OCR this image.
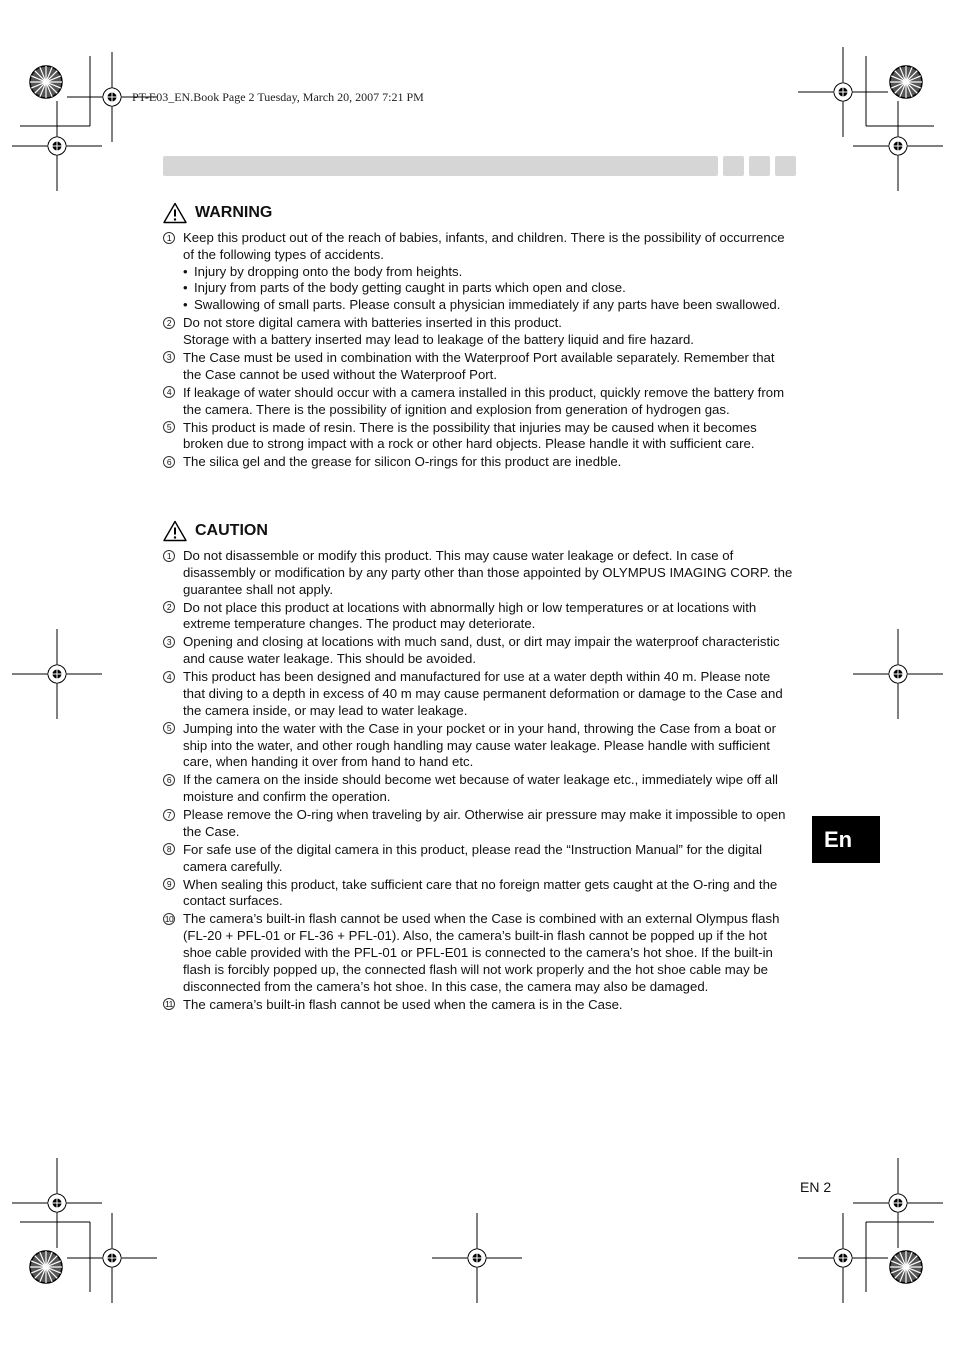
PT-E03_EN.Book Page 2 Tuesday, March 20, 2007 7:21 PM
WARNING
1 Keep this product out of the reach of babies, infants, and children. There is the possibility of occurrence of the following types of accidents.
• Injury by dropping onto the body from heights.
• Injury from parts of the body getting caught in parts which open and close.
• Swallowing of small parts. Please consult a physician immediately if any parts have been swallowed.
2 Do not store digital camera with batteries inserted in this product.
Storage with a battery inserted may lead to leakage of the battery liquid and fire hazard.
3 The Case must be used in combination with the Waterproof Port available separately. Remember that the Case cannot be used without the Waterproof Port.
4 If leakage of water should occur with a camera installed in this product, quickly remove the battery from the camera. There is the possibility of ignition and explosion from generation of hydrogen gas.
5 This product is made of resin. There is the possibility that injuries may be caused when it becomes broken due to strong impact with a rock or other hard objects. Please handle it with sufficient care.
6 The silica gel and the grease for silicon O-rings for this product are inedble.
CAUTION
1 Do not disassemble or modify this product. This may cause water leakage or defect. In case of disassembly or modification by any party other than those appointed by OLYMPUS IMAGING CORP. the guarantee shall not apply.
2 Do not place this product at locations with abnormally high or low temperatures or at locations with extreme temperature changes. The product may deteriorate.
3 Opening and closing at locations with much sand, dust, or dirt may impair the waterproof characteristic and cause water leakage. This should be avoided.
4 This product has been designed and manufactured for use at a water depth within 40 m. Please note that diving to a depth in excess of 40 m may cause permanent deformation or damage to the Case and the camera inside, or may lead to water leakage.
5 Jumping into the water with the Case in your pocket or in your hand, throwing the Case from a boat or ship into the water, and other rough handling may cause water leakage. Please handle with sufficient care, when handing it over from hand to hand etc.
6 If the camera on the inside should become wet because of water leakage etc., immediately wipe off all moisture and confirm the operation.
7 Please remove the O-ring when traveling by air. Otherwise air pressure may make it impossible to open the Case.
8 For safe use of the digital camera in this product, please read the “Instruction Manual” for the digital camera carefully.
9 When sealing this product, take sufficient care that no foreign matter gets caught at the O-ring and the contact surfaces.
10 The camera’s built-in flash cannot be used when the Case is combined with an external Olympus flash (FL-20 + PFL-01 or FL-36 + PFL-01). Also, the camera’s built-in flash cannot be popped up if the hot shoe cable provided with the PFL-01 or PFL-E01 is connected to the camera’s hot shoe. If the built-in flash is forcibly popped up, the connected flash will not work properly and the hot shoe cable may be disconnected from the camera’s hot shoe. In this case, the camera may also be damaged.
11 The camera’s built-in flash cannot be used when the camera is in the Case.
En
EN 2
